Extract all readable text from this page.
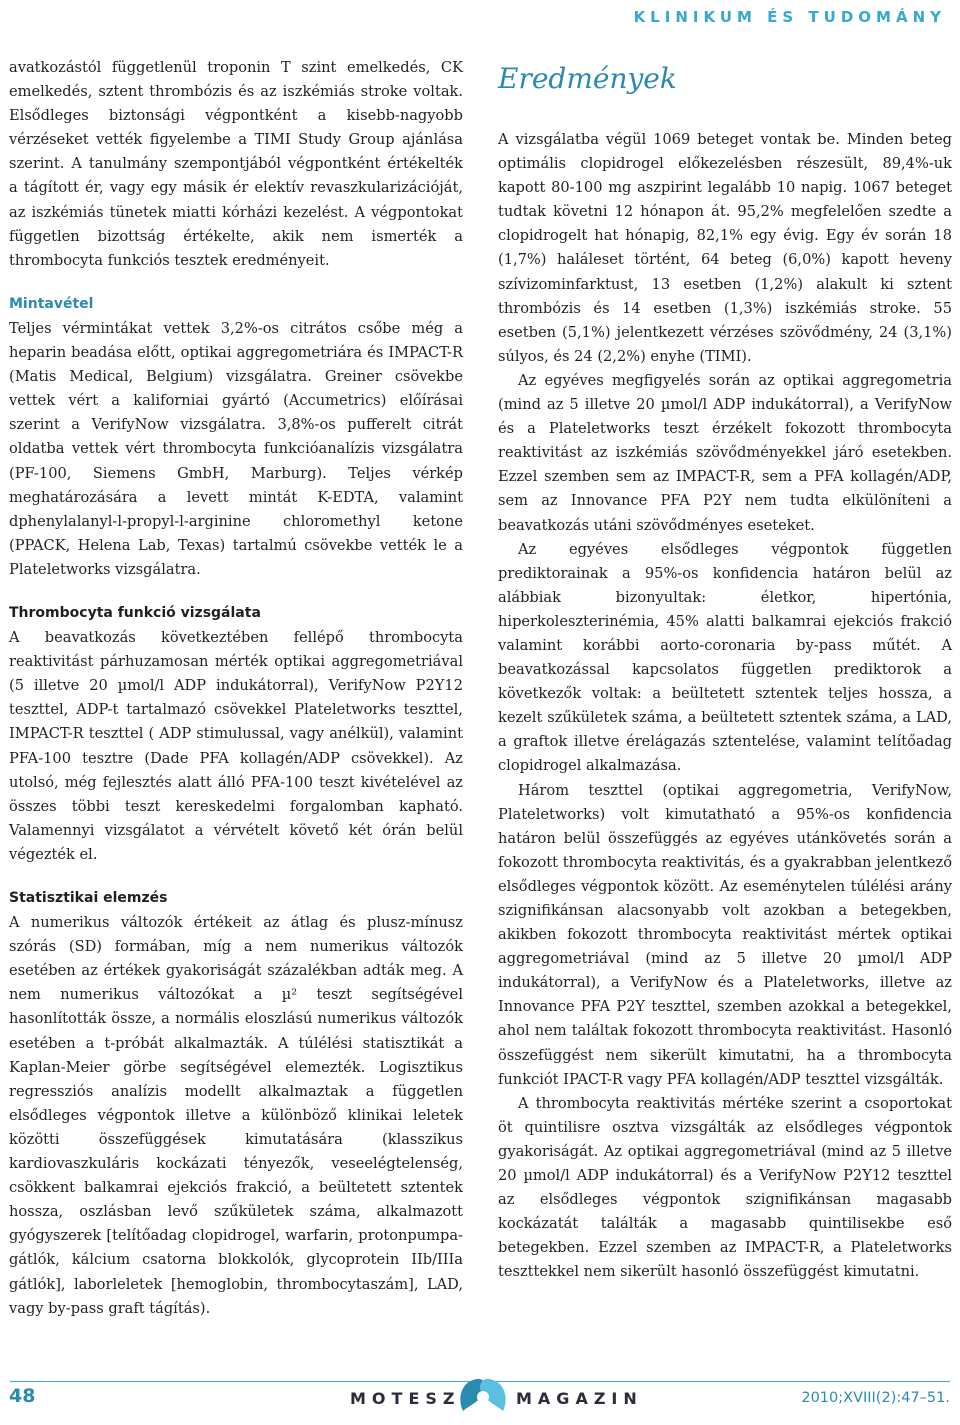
KLINIKUM ÉS TUDOMÁNY

avatkozástól függetlenül troponin T szint emelkedés, CK emelkedés, sztent thrombózis és az iszkémiás stroke voltak. Elsődleges biztonsági végpontként a kisebb-nagyobb vérzéseket vették figyelembe a TIMI Study Group ajánlása szerint. A tanulmány szempontjából végpontként értékelték a tágított ér, vagy egy másik ér elektív revaszkularizációját, az iszkémiás tünetek miatti kórházi kezelést. A végpontokat független bizottság értékelte, akik nem ismerték a thrombocyta funkciós tesztek eredményeit.

Mintavétel

Teljes vérmintákat vettek 3,2%-os citrátos csőbe még a heparin beadása előtt, optikai aggregometriára és IMPACT-R (Matis Medical, Belgium) vizsgálatra. Greiner csövekbe vettek vért a kaliforniai gyártó (Accumetrics) előírásai szerint a VerifyNow vizsgálatra. 3,8%-os pufferelt citrát oldatba vettek vért thrombocyta funkcióanalízis vizsgálatra (PF-100, Siemens GmbH, Marburg). Teljes vérkép meghatározására a levett mintát K-EDTA, valamint dphenylalanyl-l-propyl-l-arginine chloromethyl ketone (PPACK, Helena Lab, Texas) tartalmú csövekbe vették le a Plateletworks vizsgálatra.

Thrombocyta funkció vizsgálata

A beavatkozás következtében fellépő thrombocyta reaktivitást párhuzamosan mérték optikai aggregometriával (5 illetve 20 µmol/l ADP indukátorral), VerifyNow P2Y12 teszttel, ADP-t tartalmazó csövekkel Plateletworks teszttel, IMPACT-R teszttel ( ADP stimulussal, vagy anélkül), valamint PFA-100 tesztre (Dade PFA kollagén/ADP csövekkel). Az utolsó, még fejlesztés alatt álló PFA-100 teszt kivételével az összes többi teszt kereskedelmi forgalomban kapható. Valamennyi vizsgálatot a vérvételt követő két órán belül végezték el.

Statisztikai elemzés

A numerikus változók értékeit az átlag és plusz-mínusz szórás (SD) formában, míg a nem numerikus változók esetében az értékek gyakoriságát százalékban adták meg. A nem numerikus változókat a µ² teszt segítségével hasonlították össze, a normális eloszlású numerikus változók esetében a t-próbát alkalmazták. A túlélési statisztikát a Kaplan-Meier görbe segítségével elemezték. Logisztikus regressziós analízis modellt alkalmaztak a független elsődleges végpontok illetve a különböző klinikai leletek közötti összefüggések kimutatására (klasszikus kardiovaszkuláris kockázati tényezők, veseelégtelenség, csökkent balkamrai ejekciós frakció, a beültetett sztentek hossza, oszlásban levő szűkületek száma, alkalmazott gyógyszerek [telítőadag clopidrogel, warfarin, protonpumpa-gátlók, kálcium csatorna blokkolók, glycoprotein IIb/IIIa gátlók], laborleletek [hemoglobin, thrombocytaszám], LAD, vagy by-pass graft tágítás).

Eredmények

A vizsgálatba végül 1069 beteget vontak be. Minden beteg optimális clopidrogel előkezelésben részesült, 89,4%-uk kapott 80-100 mg aszpirint legalább 10 napig. 1067 beteget tudtak követni 12 hónapon át. 95,2% megfelelően szedte a clopidrogelt hat hónapig, 82,1% egy évig. Egy év során 18 (1,7%) haláleset történt, 64 beteg (6,0%) kapott heveny szívizominfarktust, 13 esetben (1,2%) alakult ki sztent thrombózis és 14 esetben (1,3%) iszkémiás stroke. 55 esetben (5,1%) jelentkezett vérzéses szövődmény, 24 (3,1%) súlyos, és 24 (2,2%) enyhe (TIMI).

Az egyéves megfigyelés során az optikai aggregometria (mind az 5 illetve 20 µmol/l ADP indukátorral), a VerifyNow és a Plateletworks teszt érzékelt fokozott thrombocyta reaktivitást az iszkémiás szövődményekkel járó esetekben. Ezzel szemben sem az IMPACT-R, sem a PFA kollagén/ADP, sem az Innovance PFA P2Y nem tudta elkülöníteni a beavatkozás utáni szövődményes eseteket.

Az egyéves elsődleges végpontok független prediktorainak a 95%-os konfidencia határon belül az alábbiak bizonyultak: életkor, hipertónia, hiperkoleszterinémia, 45% alatti balkamrai ejekciós frakció valamint korábbi aorto-coronaria by-pass műtét. A beavatkozással kapcsolatos független prediktorok a következők voltak: a beültetett sztentek teljes hossza, a kezelt szűkületek száma, a beültetett sztentek száma, a LAD, a graftok illetve érelágazás sztentelése, valamint telítőadag clopidrogel alkalmazása.

Három teszttel (optikai aggregometria, VerifyNow, Plateletworks) volt kimutatható a 95%-os konfidencia határon belül összefüggés az egyéves utánkövetés során a fokozott thrombocyta reaktivitás, és a gyakrabban jelentkező elsődleges végpontok között. Az eseménytelen túlélési arány szignifikánsan alacsonyabb volt azokban a betegekben, akikben fokozott thrombocyta reaktivitást mértek optikai aggregometriával (mind az 5 illetve 20 µmol/l ADP indukátorral), a VerifyNow és a Plateletworks, illetve az Innovance PFA P2Y teszttel, szemben azokkal a betegekkel, ahol nem találtak fokozott thrombocyta reaktivitást. Hasonló összefüggést nem sikerült kimutatni, ha a thrombocyta funkciót IPACT-R vagy PFA kollagén/ADP teszttel vizsgálták.

A thrombocyta reaktivitás mértéke szerint a csoportokat öt quintilisre osztva vizsgálták az elsődleges végpontok gyakoriságát. Az optikai aggregometriával (mind az 5 illetve 20 µmol/l ADP indukátorral) és a VerifyNow P2Y12 teszttel az elsődleges végpontok szignifikánsan magasabb kockázatát találták a magasabb quintilisekbe eső betegekben. Ezzel szemben az IMPACT-R, a Plateletworks teszttekkel nem sikerült hasonló összefüggést kimutatni.

48	MOTESZ	MAGAZIN	2010;XVIII(2):47–51.
